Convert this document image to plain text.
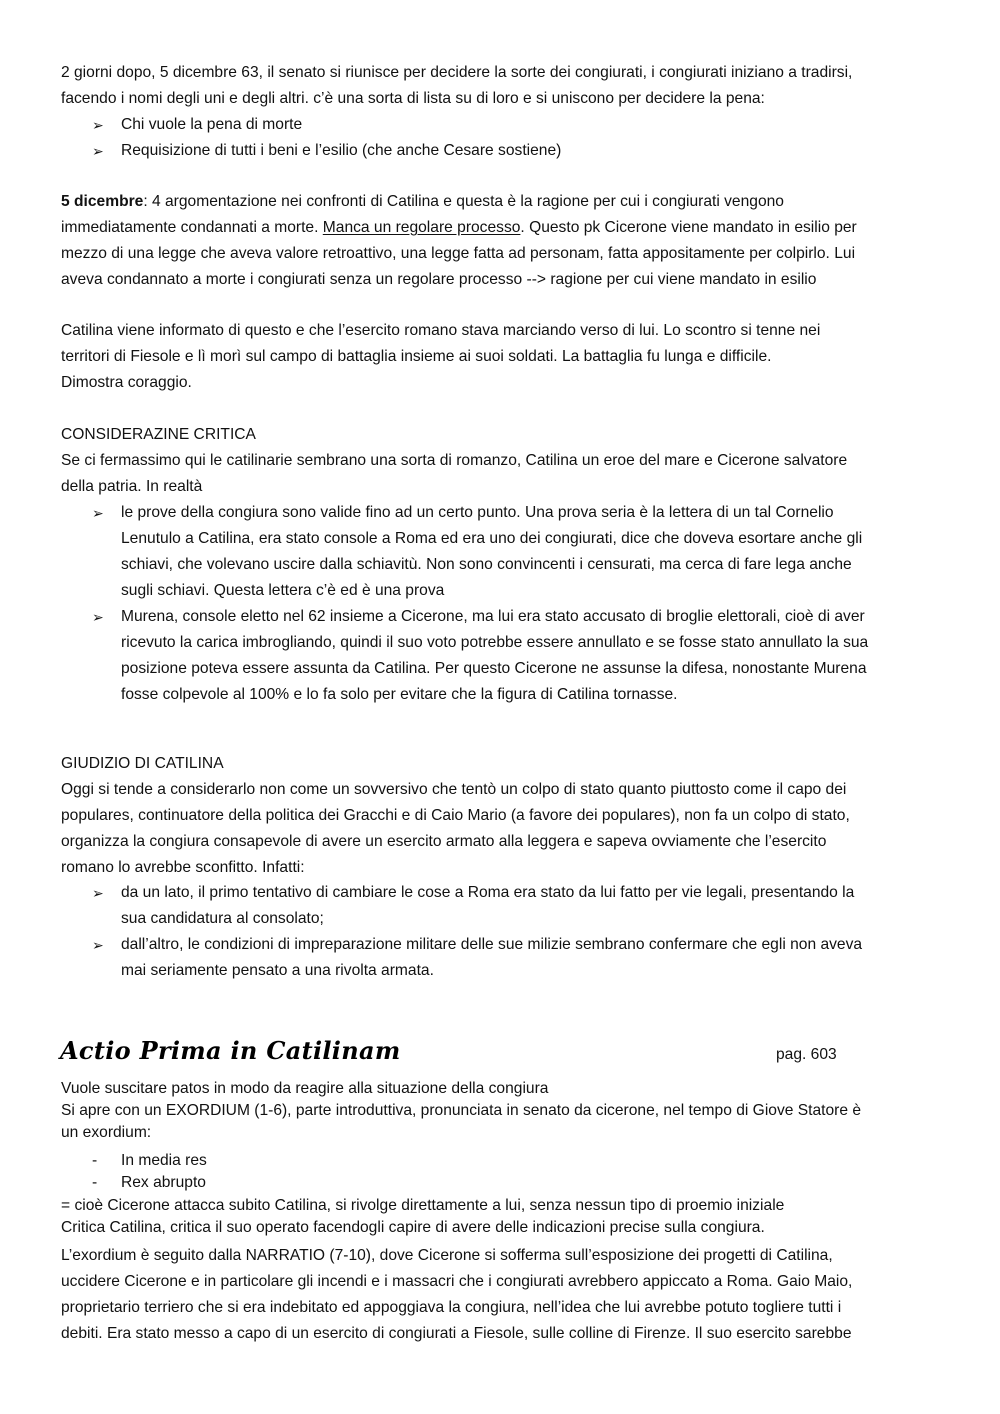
2 giorni dopo, 5 dicembre 63, il senato si riunisce per decidere la sorte dei congiurati, i congiurati iniziano a tradirsi,

facendo i nomi degli uni e degli altri. c’è una sorta di lista su di loro e si uniscono per decidere la pena:

➢	Chi vuole la pena di morte
➢	Requisizione di tutti i beni e l’esilio (che anche Cesare sostiene)

5 dicembre: 4 argomentazione nei confronti di Catilina e questa è la ragione per cui i congiurati vengono

immediatamente condannati a morte. Manca un regolare processo. Questo pk Cicerone viene mandato in esilio per

mezzo di una legge che aveva valore retroattivo, una legge fatta ad personam, fatta appositamente per colpirlo. Lui

aveva condannato a morte i congiurati senza un regolare processo --> ragione per cui viene mandato in esilio

Catilina viene informato di questo e che l’esercito romano stava marciando verso di lui. Lo scontro si tenne nei

territori di Fiesole e lì morì sul campo di battaglia insieme ai suoi soldati. La battaglia fu lunga e difficile.

Dimostra coraggio.

CONSIDERAZINE CRITICA

Se ci fermassimo qui le catilinarie sembrano una sorta di romanzo, Catilina un eroe del mare e Cicerone salvatore

della patria. In realtà

➢	le prove della congiura sono valide fino ad un certo punto. Una prova seria è la lettera di un tal Cornelio
Lenutulo a Catilina, era stato console a Roma ed era uno dei congiurati, dice che doveva esortare anche gli
schiavi, che volevano uscire dalla schiavitù. Non sono convincenti i censurati, ma cerca di fare lega anche
sugli schiavi. Questa lettera c’è ed è una prova
➢	Murena, console eletto nel 62 insieme a Cicerone, ma lui era stato accusato di broglie elettorali, cioè di aver
ricevuto la carica imbrogliando, quindi il suo voto potrebbe essere annullato e se fosse stato annullato la sua
posizione poteva essere assunta da Catilina. Per questo Cicerone ne assunse la difesa, nonostante Murena
fosse colpevole al 100% e lo fa solo per evitare che la figura di Catilina tornasse.

GIUDIZIO DI CATILINA

Oggi si tende a considerarlo non come un sovversivo che tentò un colpo di stato quanto piuttosto come il capo dei

populares, continuatore della politica dei Gracchi e di Caio Mario (a favore dei populares), non fa un colpo di stato,

organizza la congiura consapevole di avere un esercito armato alla leggera e sapeva ovviamente che l’esercito

romano lo avrebbe sconfitto. Infatti:

➢	da un lato, il primo tentativo di cambiare le cose a Roma era stato da lui fatto per vie legali, presentando la
sua candidatura al consolato;
➢	dall’altro, le condizioni di impreparazione militare delle sue milizie sembrano confermare che egli non aveva
mai seriamente pensato a una rivolta armata.
Actio Prima in Catilinam	pag. 603

Vuole suscitare patos in modo da reagire alla situazione della congiura

Si apre con un EXORDIUM (1-6), parte introduttiva, pronunciata in senato da cicerone, nel tempo di Giove Statore è

un exordium:

- In media res
- Rex abrupto

= cioè Cicerone attacca subito Catilina, si rivolge direttamente a lui, senza nessun tipo di proemio iniziale

Critica Catilina, critica il suo operato facendogli capire di avere delle indicazioni precise sulla congiura.

L’exordium è seguito dalla NARRATIO (7-10), dove Cicerone si sofferma sull’esposizione dei progetti di Catilina,

uccidere Cicerone e in particolare gli incendi e i massacri che i congiurati avrebbero appiccato a Roma. Gaio Maio,

proprietario terriero che si era indebitato ed appoggiava la congiura, nell’idea che lui avrebbe potuto togliere tutti i

debiti. Era stato messo a capo di un esercito di congiurati a Fiesole, sulle colline di Firenze. Il suo esercito sarebbe
